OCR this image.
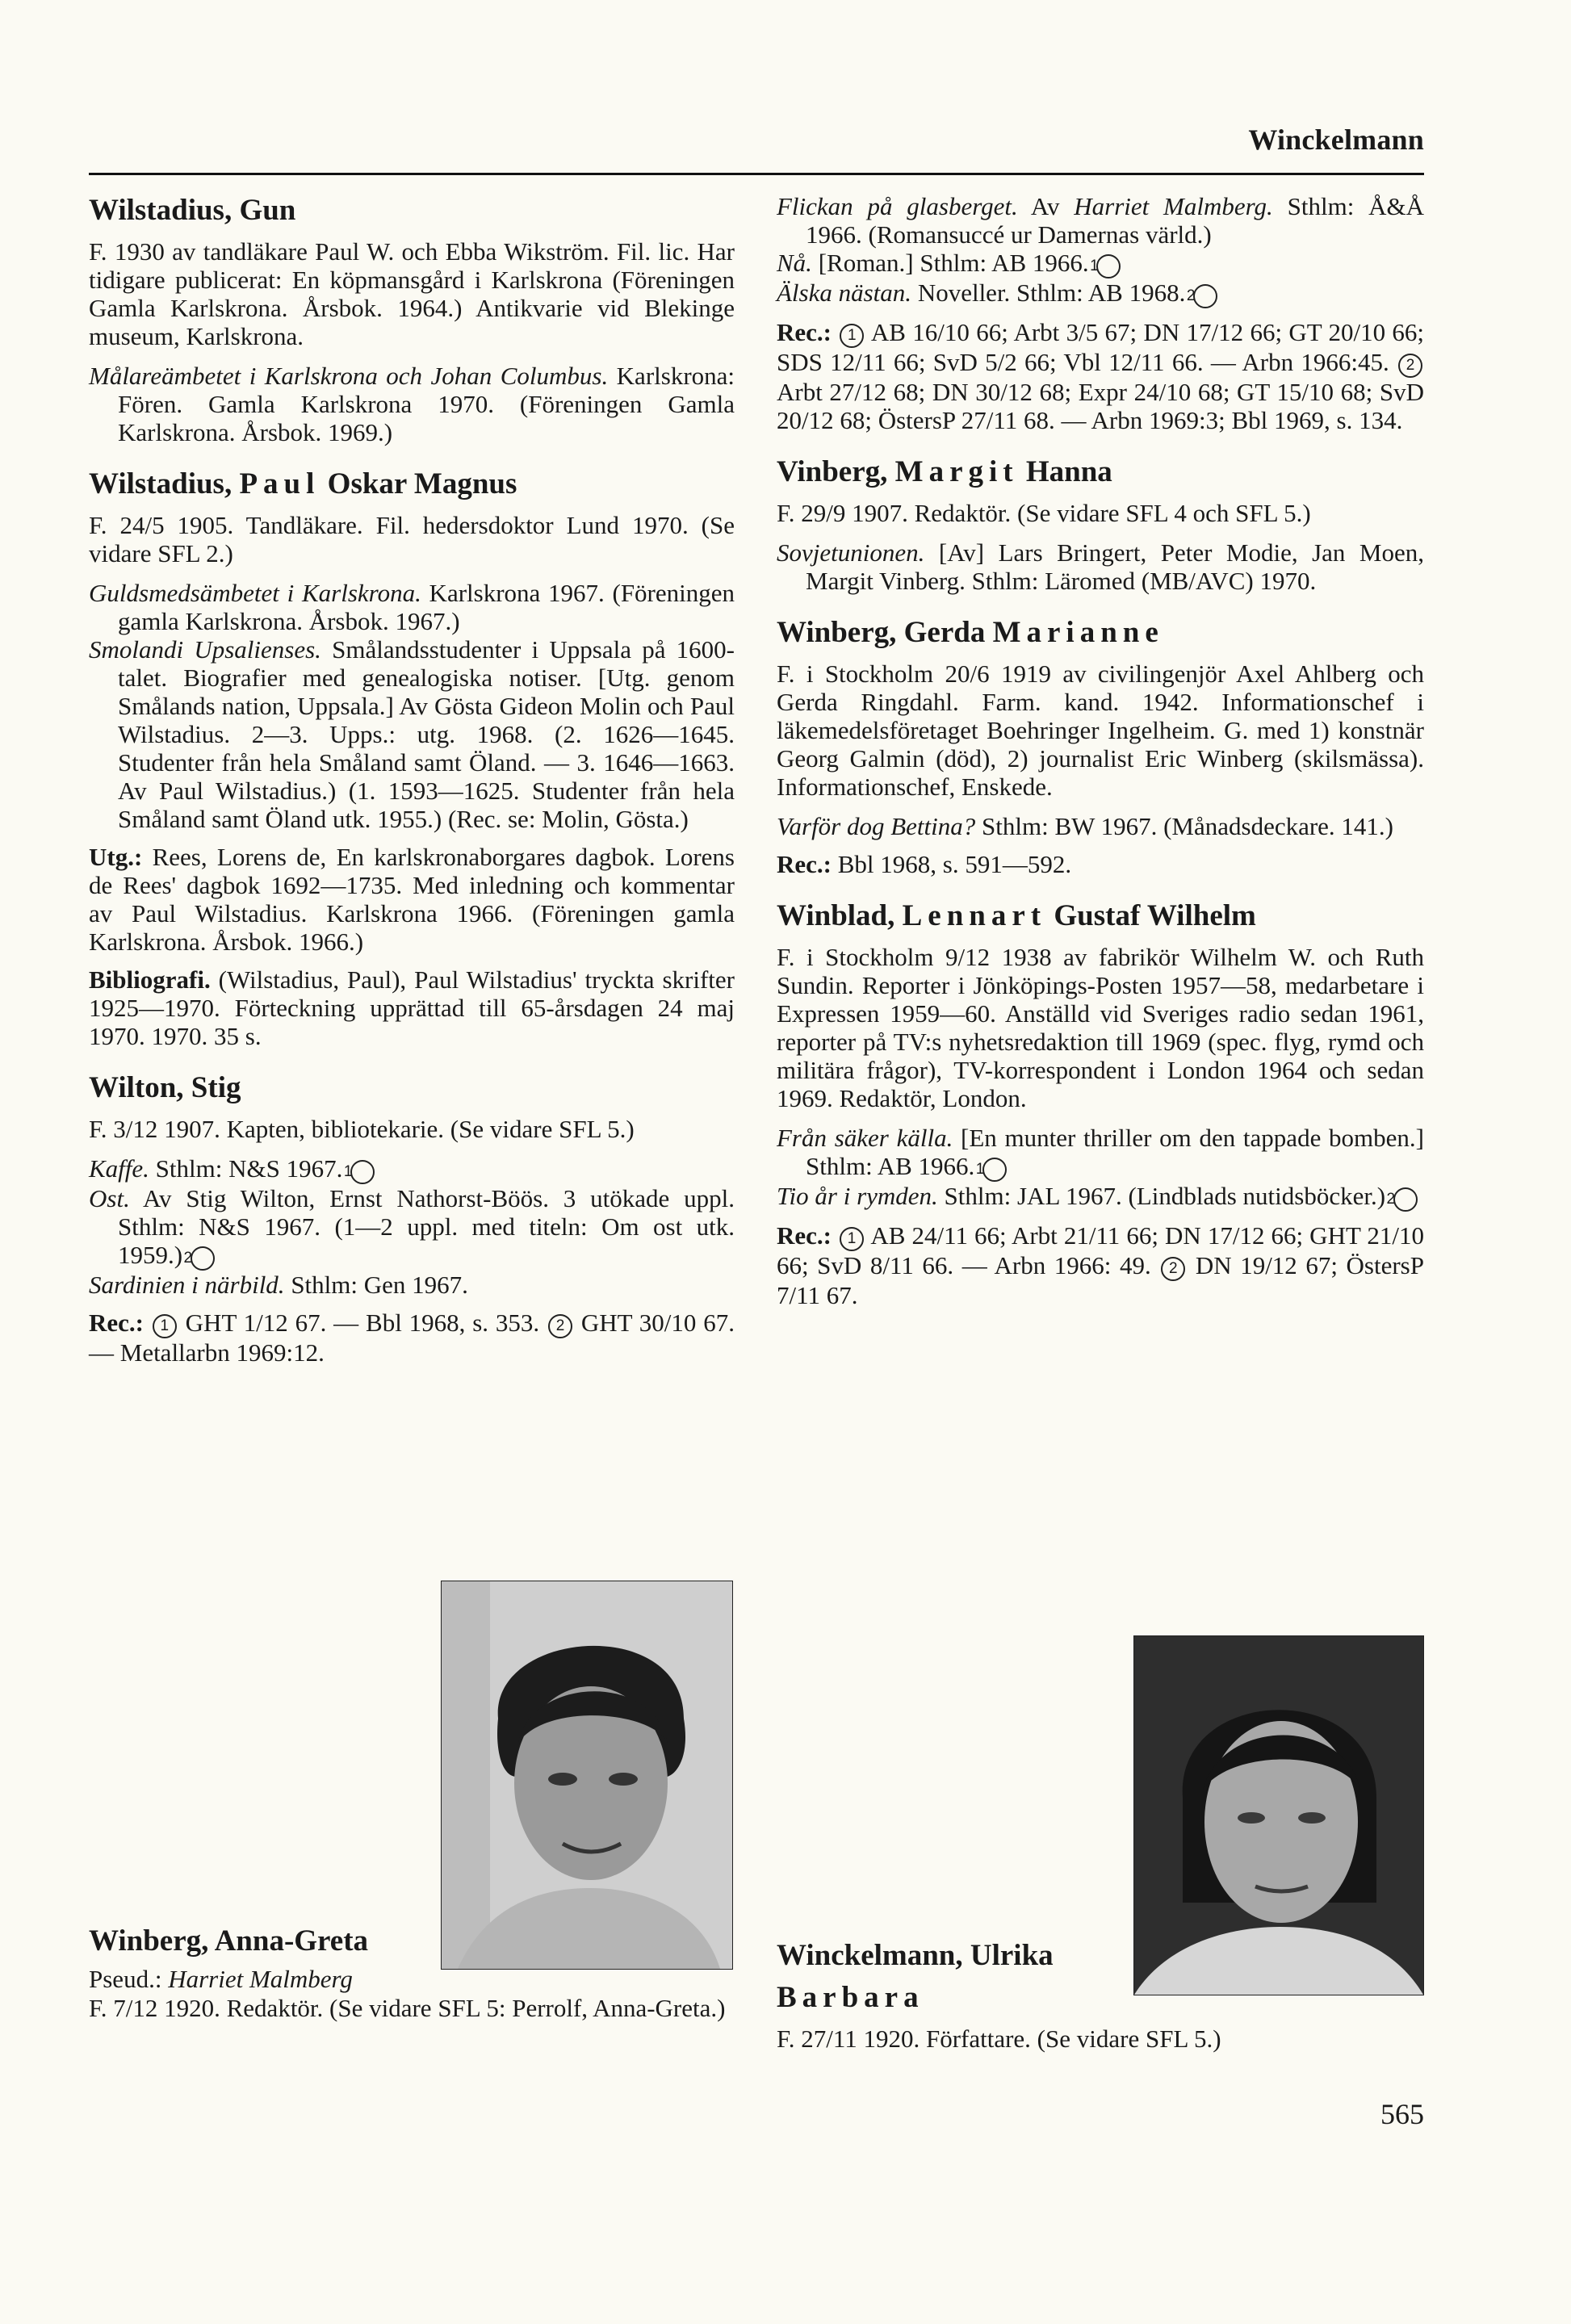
Winckelmann
Wilstadius, Gun

F. 1930 av tandläkare Paul W. och Ebba Wikström. Fil. lic. Har tidigare publicerat: En köpmansgård i Karlskrona (Föreningen Gamla Karlskrona. Årsbok. 1964.) Antikvarie vid Blekinge museum, Karlskrona.

Målareämbetet i Karlskrona och Johan Columbus. Karlskrona: Fören. Gamla Karlskrona 1970. (Föreningen Gamla Karlskrona. Årsbok. 1969.)

Wilstadius, Paul Oskar Magnus

F. 24/5 1905. Tandläkare. Fil. hedersdoktor Lund 1970. (Se vidare SFL 2.)

Guldsmedsämbetet i Karlskrona. Karlskrona 1967. (Föreningen gamla Karlskrona. Årsbok. 1967.)

Smolandi Upsalienses. Smålandsstudenter i Uppsala på 1600-talet. Biografier med genealogiska notiser. [Utg. genom Smålands nation, Uppsala.] Av Gösta Gideon Molin och Paul Wilstadius. 2—3. Upps.: utg. 1968. (2. 1626—1645. Studenter från hela Småland samt Öland. — 3. 1646—1663. Av Paul Wilstadius.) (1. 1593—1625. Studenter från hela Småland samt Öland utk. 1955.) (Rec. se: Molin, Gösta.)

Utg.: Rees, Lorens de, En karlskronaborgares dagbok. Lorens de Rees' dagbok 1692—1735. Med inledning och kommentar av Paul Wilstadius. Karlskrona 1966. (Föreningen gamla Karlskrona. Årsbok. 1966.)

Bibliografi. (Wilstadius, Paul), Paul Wilstadius' tryckta skrifter 1925—1970. Förteckning upprättad till 65-årsdagen 24 maj 1970. 1970. 35 s.

Wilton, Stig

F. 3/12 1907. Kapten, bibliotekarie. (Se vidare SFL 5.)

Kaffe. Sthlm: N&S 1967. 1

Ost. Av Stig Wilton, Ernst Nathorst-Böös. 3 utökade uppl. Sthlm: N&S 1967. (1—2 uppl. med titeln: Om ost utk. 1959.) 2

Sardinien i närbild. Sthlm: Gen 1967.

Rec.: 1 GHT 1/12 67. — Bbl 1968, s. 353. 2 GHT 30/10 67. — Metallarbn 1969:12.

Flickan på glasberget. Av Harriet Malmberg. Sthlm: Å&Å 1966. (Romansuccé ur Damernas värld.)

Nå. [Roman.] Sthlm: AB 1966. 1

Älska nästan. Noveller. Sthlm: AB 1968. 2

Rec.: 1 AB 16/10 66; Arbt 3/5 67; DN 17/12 66; GT 20/10 66; SDS 12/11 66; SvD 5/2 66; Vbl 12/11 66. — Arbn 1966:45. 2 Arbt 27/12 68; DN 30/12 68; Expr 24/10 68; GT 15/10 68; SvD 20/12 68; ÖstersP 27/11 68. — Arbn 1969:3; Bbl 1969, s. 134.

Vinberg, Margit Hanna

F. 29/9 1907. Redaktör. (Se vidare SFL 4 och SFL 5.)

Sovjetunionen. [Av] Lars Bringert, Peter Modie, Jan Moen, Margit Vinberg. Sthlm: Läromed (MB/AVC) 1970.

Winberg, Gerda Marianne

F. i Stockholm 20/6 1919 av civilingenjör Axel Ahlberg och Gerda Ringdahl. Farm. kand. 1942. Informationschef i läkemedelsföretaget Boehringer Ingelheim. G. med 1) konstnär Georg Galmin (död), 2) journalist Eric Winberg (skilsmässa). Informationschef, Enskede.

Varför dog Bettina? Sthlm: BW 1967. (Månadsdeckare. 141.)

Rec.: Bbl 1968, s. 591—592.

Winblad, Lennart Gustaf Wilhelm

F. i Stockholm 9/12 1938 av fabrikör Wilhelm W. och Ruth Sundin. Reporter i Jönköpings-Posten 1957—58, medarbetare i Expressen 1959—60. Anställd vid Sveriges radio sedan 1961, reporter på TV:s nyhetsredaktion till 1969 (spec. flyg, rymd och militära frågor), TV-korrespondent i London 1964 och sedan 1969. Redaktör, London.

Från säker källa. [En munter thriller om den tappade bomben.] Sthlm: AB 1966. 1

Tio år i rymden. Sthlm: JAL 1967. (Lindblads nutidsböcker.) 2

Rec.: 1 AB 24/11 66; Arbt 21/11 66; DN 17/12 66; GHT 21/10 66; SvD 8/11 66. — Arbn 1966: 49. 2 DN 19/12 67; ÖstersP 7/11 67.

Winberg, Anna-Greta

Pseud.: Harriet Malmberg

F. 7/12 1920. Redaktör. (Se vidare SFL 5: Perrolf, Anna-Greta.)

Winckelmann, Ulrika
Barbara

F. 27/11 1920. Författare. (Se vidare SFL 5.)

565
